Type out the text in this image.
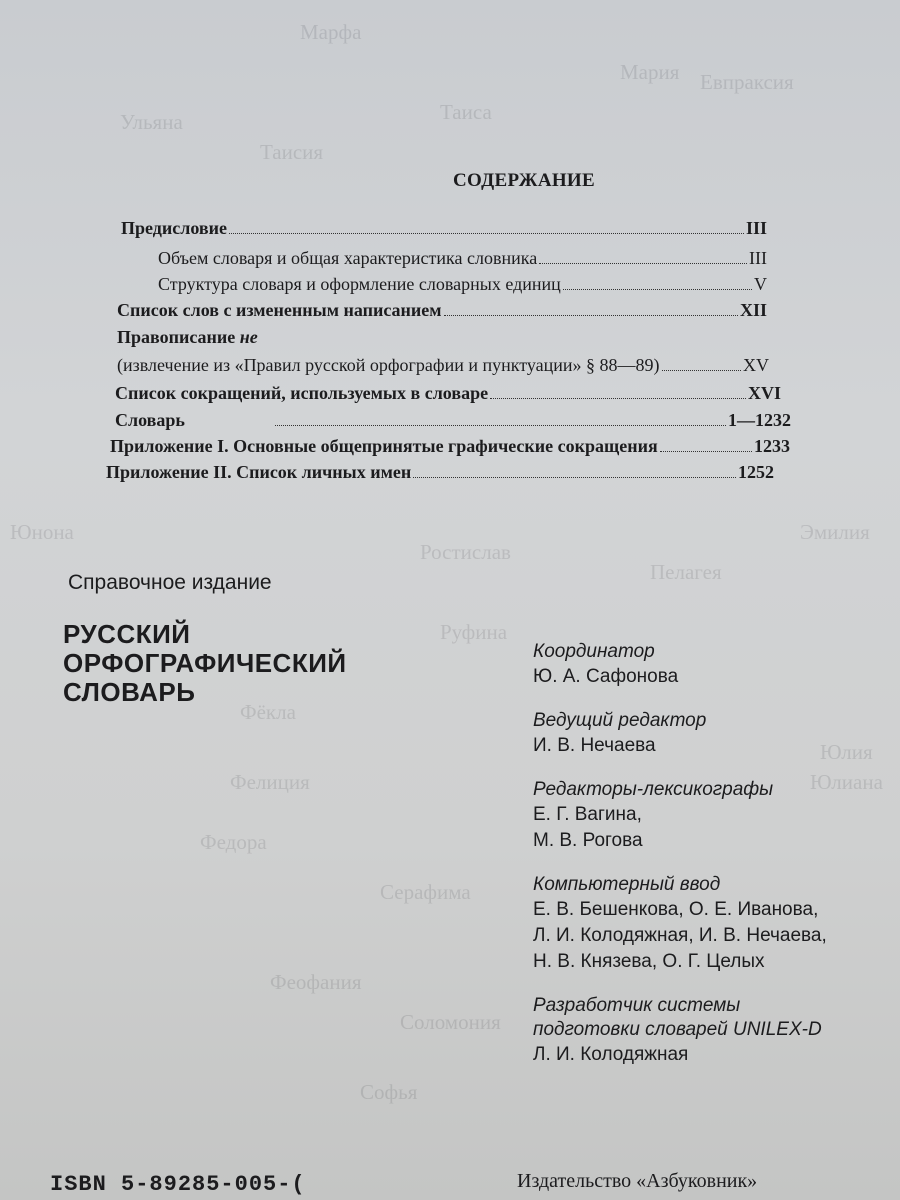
Марфа
Мария
Ульяна
Серафима
Софья
Фёкла
Юлия
Федора
Фелиция
Пелагея
Руфина
Ростислав
Соломония
Таисия
Эмилия
Юнона
Феофания
Таиса
Евпраксия
Юлиана
СОДЕРЖАНИЕ
Предисловие	III
Объем словаря и общая характеристика словника	III
Структура словаря и оформление словарных единиц	V
Список слов с измененным написанием	XII
Правописание
не
(извлечение из «Правил русской орфографии и пунктуации» § 88—89)	XV
Список сокращений, используемых в словаре	XVI
Словарь	1—1232
Приложение I. Основные общепринятые графические сокращения	1233
Приложение II. Список личных имен	1252
Справочное издание
РУССКИЙ
ОРФОГРАФИЧЕСКИЙ
СЛОВАРЬ
Координатор
Ю. А. Сафонова
Ведущий редактор
И. В. Нечаева
Редакторы-лексикографы
Е. Г. Вагина,
М. В. Рогова
Компьютерный ввод
Е. В. Бешенкова, О. Е. Иванова,
Л. И. Колодяжная, И. В. Нечаева,
Н. В. Князева, О. Г. Целых
Разработчик системы
подготовки словарей UNILEX-D
Л. И. Колодяжная
ISBN 5-89285-005-(	Издательство «Азбуковник»
